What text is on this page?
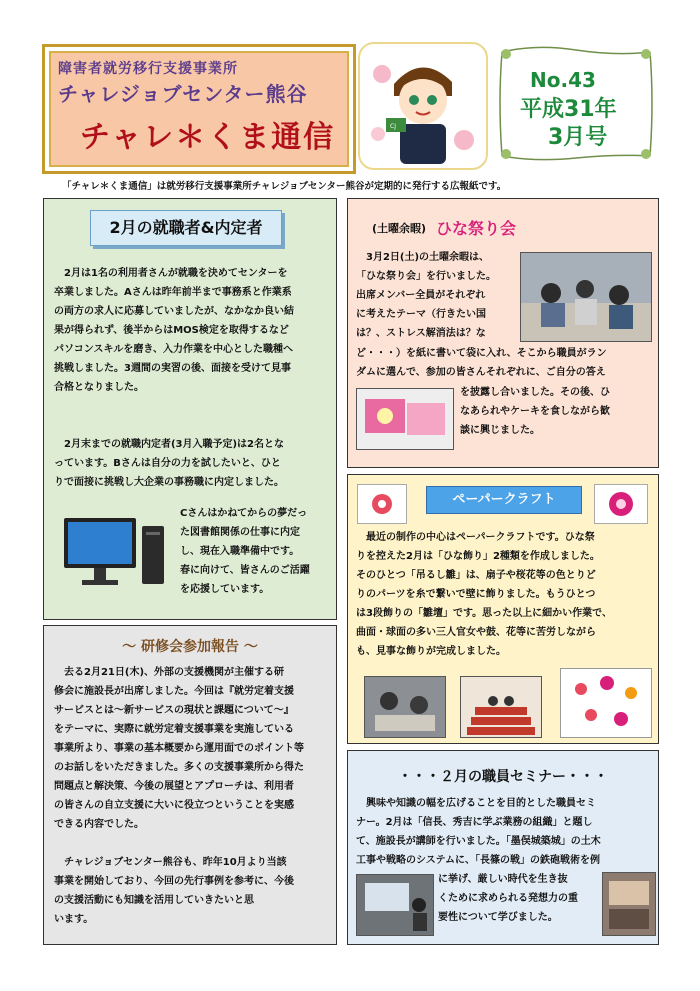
障害者就労移行支援事業所
チャレジョブセンター熊谷
チャレ＊くま通信	CJ
No.43
平成31年
3月号
「チャレ＊くま通信」は就労移行支援事業所チャレジョブセンター熊谷が定期的に発行する広報紙です。
2月の就職者&内定者
　2月は1名の利用者さんが就職を決めてセンターを
卒業しました。Aさんは昨年前半まで事務系と作業系
の両方の求人に応募していましたが、なかなか良い結
果が得られず、後半からはMOS検定を取得するなど
パソコンスキルを磨き、入力作業を中心とした職種へ
挑戦しました。3週間の実習の後、面接を受けて見事
合格となりました。
　2月末までの就職内定者(3月入職予定)は2名とな
っています。Bさんは自分の力を試したいと、ひと
りで面接に挑戦し大企業の事務職に内定しました。
Cさんはかねてからの夢だっ
た図書館関係の仕事に内定
し、現在入職準備中です。
春に向けて、皆さんのご活躍
を応援しています。
～ 研修会参加報告 ～
　去る2月21日(木)、外部の支援機関が主催する研
修会に施設長が出席しました。今回は『就労定着支援
サービスとは～新サービスの現状と課題について～』
をテーマに、実際に就労定着支援事業を実施している
事業所より、事業の基本概要から運用面でのポイント等
のお話しをいただきました。多くの支援事業所から得た
問題点と解決策、今後の展望とアプローチは、利用者
の皆さんの自立支援に大いに役立つということを実感
できる内容でした。
　チャレジョブセンター熊谷も、昨年10月より当該
事業を開始しており、今回の先行事例を参考に、今後
の支援活動にも知識を活用していきたいと思
います。
(土曜余暇) ひな祭り会
　3月2日(土)の土曜余暇は、
「ひな祭り会」を行いました。
出席メンバー全員がそれぞれ
に考えたテーマ（行きたい国
は？、ストレス解消法は？な
ど・・・）を紙に書いて袋に入れ、そこから職員がラン
ダムに選んで、参加の皆さんそれぞれに、ご自分の答え
を披露し合いました。その後、ひ
なあられやケーキを食しながら歓
談に興じました。
ペーパークラフト
　最近の制作の中心はペーパークラフトです。ひな祭
りを控えた2月は「ひな飾り」2種類を作成しました。
そのひとつ「吊るし雛」は、扇子や桜花等の色とりど
りのパーツを糸で繋いで壁に飾りました。もうひとつ
は3段飾りの「雛壇」です。思った以上に細かい作業で、
曲面・球面の多い三人官女や鼓、花等に苦労しながら
も、見事な飾りが完成しました。
・・・２月の職員セミナー・・・
　興味や知識の幅を広げることを目的とした職員セミ
ナー。2月は「信長、秀吉に学ぶ業務の組織」と題し
て、施設長が講師を行いました。「墨俣城築城」の土木
工事や戦略のシステムに、「長篠の戦」の鉄砲戦術を例
に挙げ、厳しい時代を生き抜
くために求められる発想力の重
要性について学びました。
